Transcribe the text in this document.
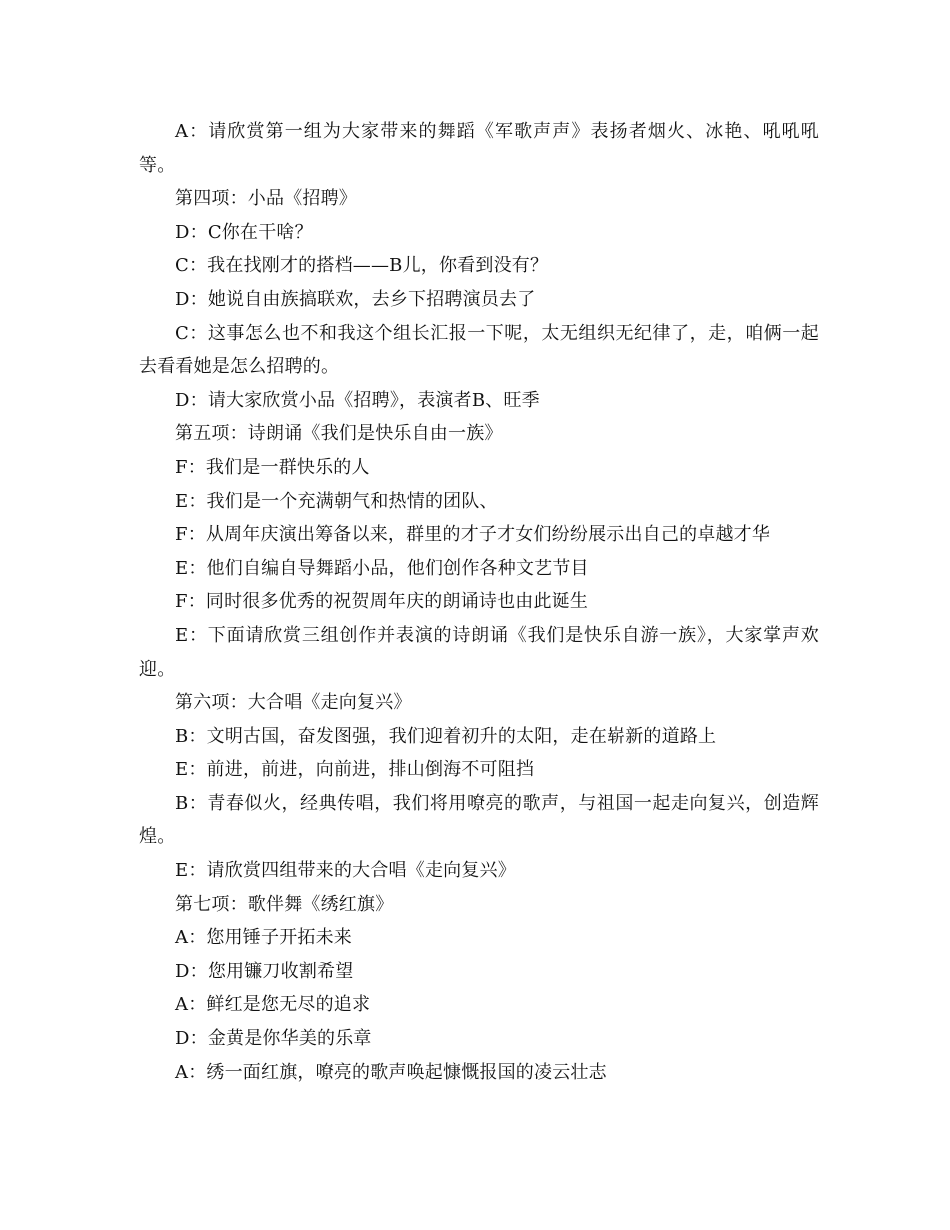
A：请欣赏第一组为大家带来的舞蹈《军歌声声》表扬者烟火、冰艳、吼吼吼等。

第四项：小品《招聘》

D：C你在干啥？

C：我在找刚才的搭档——B儿，你看到没有？

D：她说自由族搞联欢，去乡下招聘演员去了

C：这事怎么也不和我这个组长汇报一下呢，太无组织无纪律了，走，咱俩一起去看看她是怎么招聘的。

D：请大家欣赏小品《招聘》，表演者B、旺季

第五项：诗朗诵《我们是快乐自由一族》

F：我们是一群快乐的人

E：我们是一个充满朝气和热情的团队、

F：从周年庆演出筹备以来，群里的才子才女们纷纷展示出自己的卓越才华

E：他们自编自导舞蹈小品，他们创作各种文艺节目

F：同时很多优秀的祝贺周年庆的朗诵诗也由此诞生

E：下面请欣赏三组创作并表演的诗朗诵《我们是快乐自游一族》，大家掌声欢迎。

第六项：大合唱《走向复兴》

B：文明古国，奋发图强，我们迎着初升的太阳，走在崭新的道路上

E：前进，前进，向前进，排山倒海不可阻挡

B：青春似火，经典传唱，我们将用嘹亮的歌声，与祖国一起走向复兴，创造辉煌。

E：请欣赏四组带来的大合唱《走向复兴》

第七项：歌伴舞《绣红旗》

A：您用锤子开拓未来

D：您用镰刀收割希望

A：鲜红是您无尽的追求

D：金黄是你华美的乐章

A：绣一面红旗，嘹亮的歌声唤起慷慨报国的凌云壮志
